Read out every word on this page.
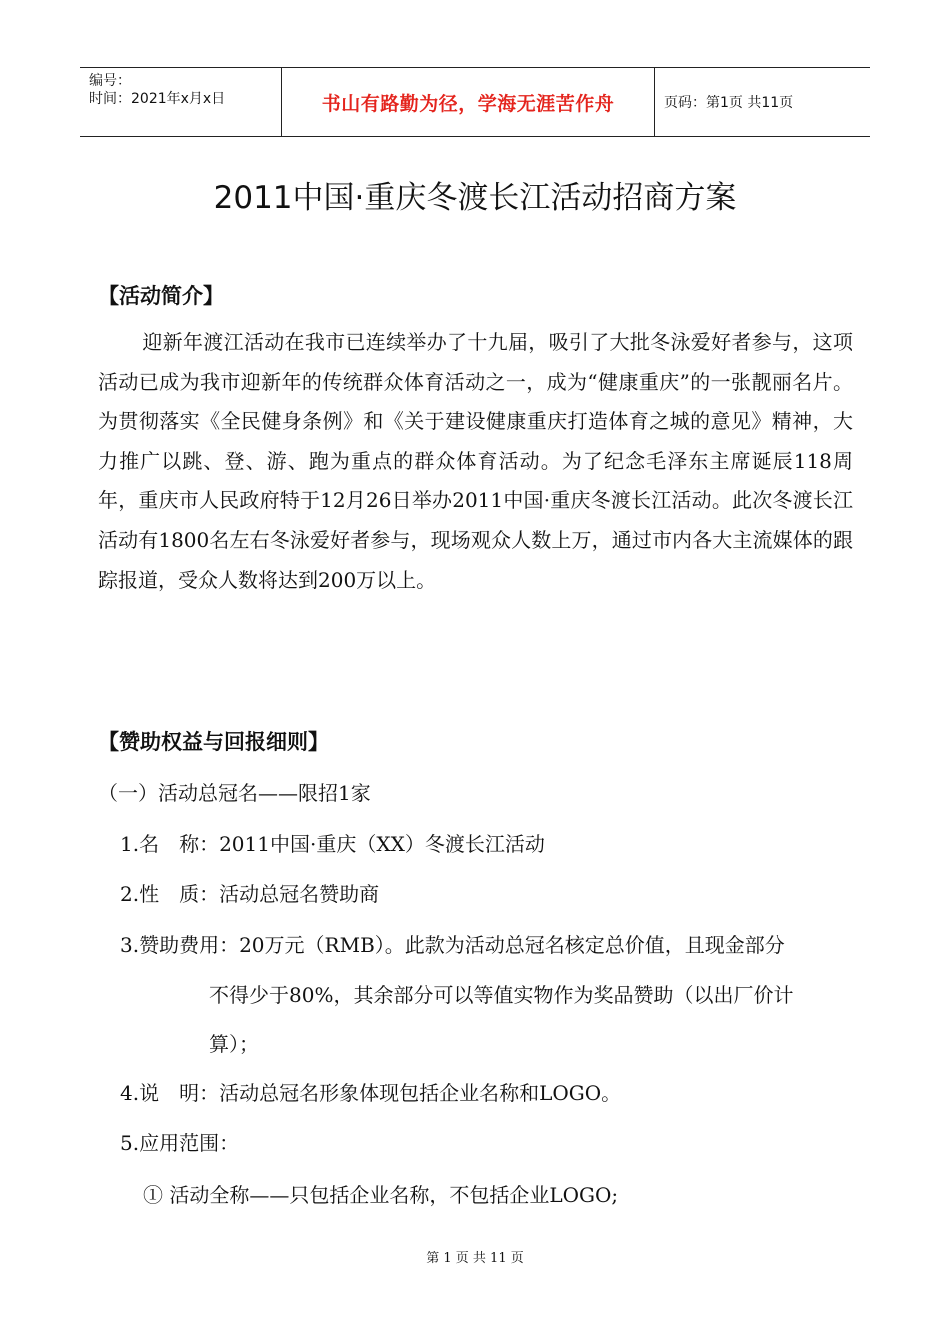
编号：
时间：2021年x月x日	书山有路勤为径，学海无涯苦作舟	页码：第1页 共11页
2011中国·重庆冬渡长江活动招商方案
【活动简介】
迎新年渡江活动在我市已连续举办了十九届，吸引了大批冬泳爱好者参与，这项活动已成为我市迎新年的传统群众体育活动之一，成为“健康重庆”的一张靓丽名片。为贯彻落实《全民健身条例》和《关于建设健康重庆打造体育之城的意见》精神，大力推广以跳、登、游、跑为重点的群众体育活动。为了纪念毛泽东主席诞辰118周年，重庆市人民政府特于12月26日举办2011中国·重庆冬渡长江活动。此次冬渡长江活动有1800名左右冬泳爱好者参与，现场观众人数上万，通过市内各大主流媒体的跟踪报道，受众人数将达到200万以上。
【赞助权益与回报细则】
（一）活动总冠名——限招1家
1.名　称：2011中国·重庆（XX）冬渡长江活动
2.性　质：活动总冠名赞助商
3.赞助费用：20万元（RMB）。此款为活动总冠名核定总价值，且现金部分
不得少于80%，其余部分可以等值实物作为奖品赞助（以出厂价计
算）；
4.说　明：活动总冠名形象体现包括企业名称和LOGO。
5.应用范围：
① 活动全称——只包括企业名称，不包括企业LOGO;
第 1 页 共 11 页
